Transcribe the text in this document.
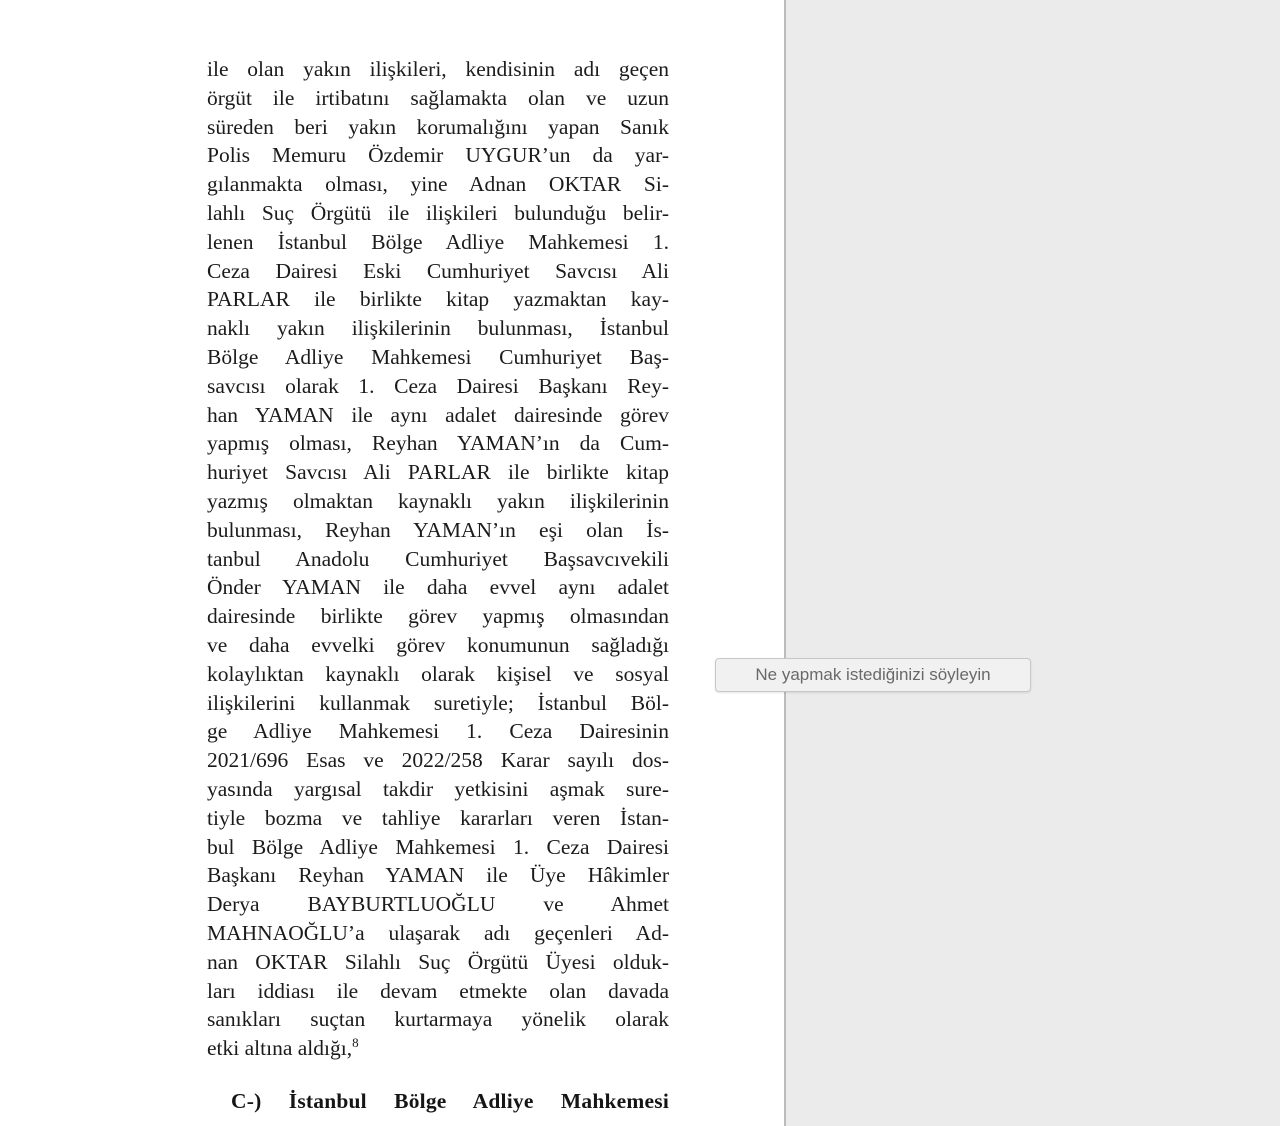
ile olan yakın ilişkileri, kendisinin adı geçen
örgüt ile irtibatını sağlamakta olan ve uzun
süreden beri yakın korumalığını yapan Sanık
Polis Memuru Özdemir UYGUR’un da yar-
gılanmakta olması, yine Adnan OKTAR Si-
lahlı Suç Örgütü ile ilişkileri bulunduğu belir-
lenen İstanbul Bölge Adliye Mahkemesi 1.
Ceza Dairesi Eski Cumhuriyet Savcısı Ali
PARLAR ile birlikte kitap yazmaktan kay-
naklı yakın ilişkilerinin bulunması, İstanbul
Bölge Adliye Mahkemesi Cumhuriyet Baş-
savcısı olarak 1. Ceza Dairesi Başkanı Rey-
han YAMAN ile aynı adalet dairesinde görev
yapmış olması, Reyhan YAMAN’ın da Cum-
huriyet Savcısı Ali PARLAR ile birlikte kitap
yazmış olmaktan kaynaklı yakın ilişkilerinin
bulunması, Reyhan YAMAN’ın eşi olan İs-
tanbul Anadolu Cumhuriyet Başsavcıvekili
Önder YAMAN ile daha evvel aynı adalet
dairesinde birlikte görev yapmış olmasından
ve daha evvelki görev konumunun sağladığı
kolaylıktan kaynaklı olarak kişisel ve sosyal
ilişkilerini kullanmak suretiyle; İstanbul Böl-
ge Adliye Mahkemesi 1. Ceza Dairesinin
2021/696 Esas ve 2022/258 Karar sayılı dos-
yasında yargısal takdir yetkisini aşmak sure-
tiyle bozma ve tahliye kararları veren İstan-
bul Bölge Adliye Mahkemesi 1. Ceza Dairesi
Başkanı Reyhan YAMAN ile Üye Hâkimler
Derya BAYBURTLUOĞLU ve Ahmet
MAHNAOĞLU’a ulaşarak adı geçenleri Ad-
nan OKTAR Silahlı Suç Örgütü Üyesi olduk-
ları iddiası ile devam etmekte olan davada
sanıkları suçtan kurtarmaya yönelik olarak
etki altına aldığı,$^8$
C-) İstanbul Bölge Adliye Mahkemesi
Ne yapmak istediğinizi söyleyin
